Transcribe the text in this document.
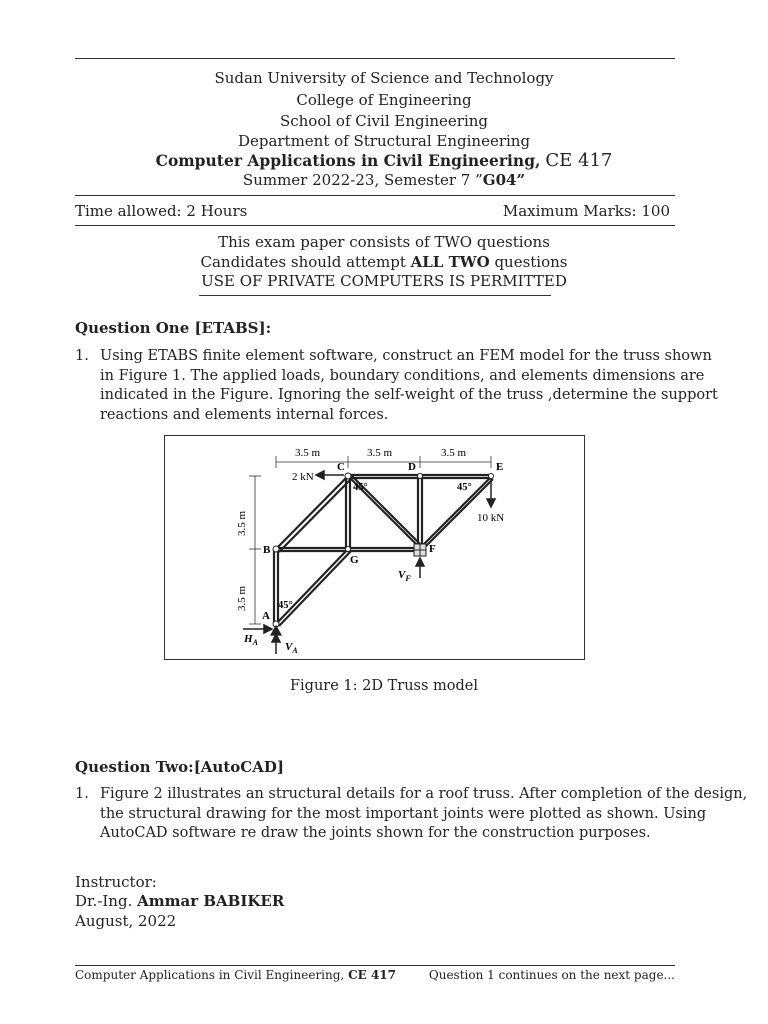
Sudan University of Science and Technology
College of Engineering
School of Civil Engineering
Department of Structural Engineering
Computer Applications in Civil Engineering, CE 417
Summer 2022-23, Semester 7 ”G04”
Time allowed: 2 Hours	Maximum Marks: 100
This exam paper consists of TWO questions
Candidates should attempt ALL TWO questions
USE OF PRIVATE COMPUTERS IS PERMITTED
Question One [ETABS]:
1. Using ETABS finite element software, construct an FEM model for the truss shown
in Figure 1. The applied loads, boundary conditions, and elements dimensions are
indicated in the Figure. Ignoring the self-weight of the truss ,determine the support
reactions and elements internal forces.
3.5 m	3.5 m	3.5 m
3.5 m
3.5 m
2 kN
10 kN
A
B
C	D	E
F
G
45°	45°
45°
$H_A$ $V_A$
$V_F$
Figure 1: 2D Truss model
Question Two:[AutoCAD]
1. Figure 2 illustrates an structural details for a roof truss. After completion of the design,
the structural drawing for the most important joints were plotted as shown. Using
AutoCAD software re draw the joints shown for the construction purposes.
Instructor:
Dr.-Ing. Ammar BABIKER
August, 2022
Computer Applications in Civil Engineering, CE 417	Question 1 continues on the next page...
